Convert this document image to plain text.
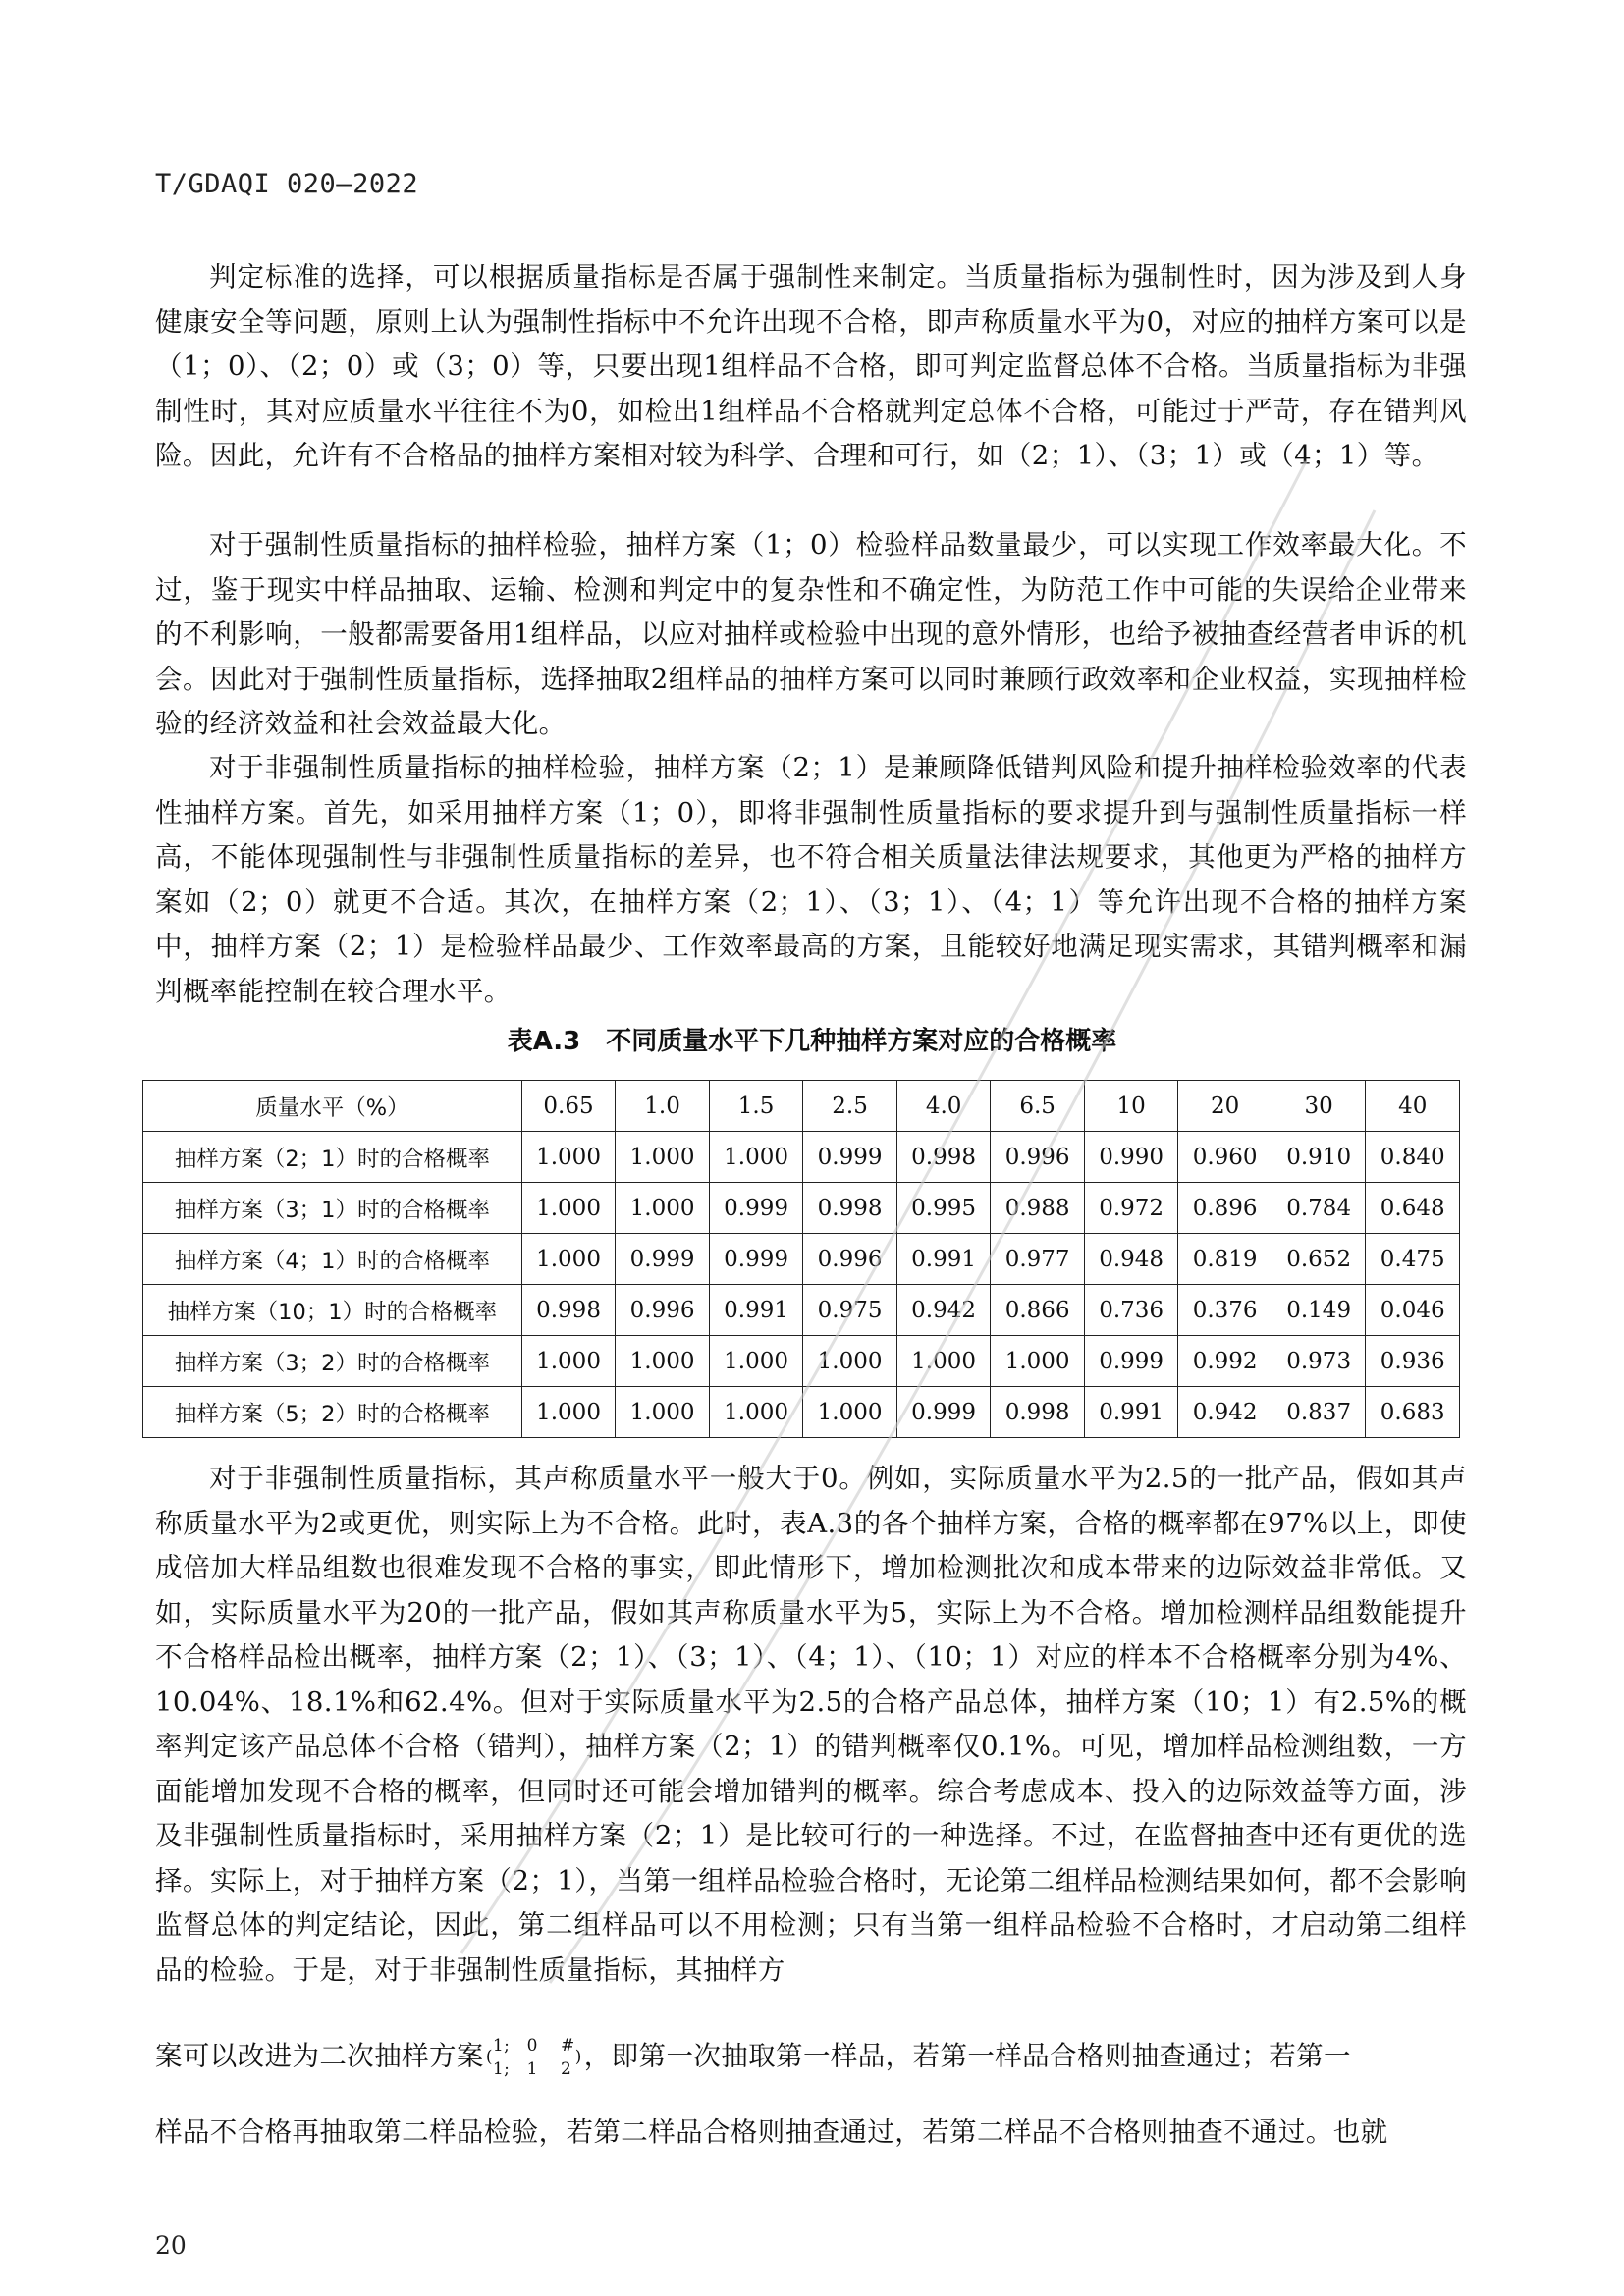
T/GDAQI 020—2022

判定标准的选择，可以根据质量指标是否属于强制性来制定。当质量指标为强制性时，因为涉及到人身健康安全等问题，原则上认为强制性指标中不允许出现不合格，即声称质量水平为0，对应的抽样方案可以是（1；0）、（2；0）或（3；0）等，只要出现1组样品不合格，即可判定监督总体不合格。当质量指标为非强制性时，其对应质量水平往往不为0，如检出1组样品不合格就判定总体不合格，可能过于严苛，存在错判风险。因此，允许有不合格品的抽样方案相对较为科学、合理和可行，如（2；1）、（3；1）或（4；1）等。

对于强制性质量指标的抽样检验，抽样方案（1；0）检验样品数量最少，可以实现工作效率最大化。不过，鉴于现实中样品抽取、运输、检测和判定中的复杂性和不确定性，为防范工作中可能的失误给企业带来的不利影响，一般都需要备用1组样品，以应对抽样或检验中出现的意外情形，也给予被抽查经营者申诉的机会。因此对于强制性质量指标，选择抽取2组样品的抽样方案可以同时兼顾行政效率和企业权益，实现抽样检验的经济效益和社会效益最大化。

对于非强制性质量指标的抽样检验，抽样方案（2；1）是兼顾降低错判风险和提升抽样检验效率的代表性抽样方案。首先，如采用抽样方案（1；0），即将非强制性质量指标的要求提升到与强制性质量指标一样高，不能体现强制性与非强制性质量指标的差异，也不符合相关质量法律法规要求，其他更为严格的抽样方案如（2；0）就更不合适。其次，在抽样方案（2；1）、（3；1）、（4；1）等允许出现不合格的抽样方案中，抽样方案（2；1）是检验样品最少、工作效率最高的方案，且能较好地满足现实需求，其错判概率和漏判概率能控制在较合理水平。

表A.3　不同质量水平下几种抽样方案对应的合格概率
质量水平（%）	0.65	1.0	1.5	2.5	4.0	6.5	10	20	30	40
抽样方案（2；1）时的合格概率	1.000	1.000	1.000	0.999	0.998	0.996	0.990	0.960	0.910	0.840
抽样方案（3；1）时的合格概率	1.000	1.000	0.999	0.998	0.995	0.988	0.972	0.896	0.784	0.648
抽样方案（4；1）时的合格概率	1.000	0.999	0.999	0.996	0.991	0.977	0.948	0.819	0.652	0.475
抽样方案（10；1）时的合格概率	0.998	0.996	0.991	0.975	0.942	0.866	0.736	0.376	0.149	0.046
抽样方案（3；2）时的合格概率	1.000	1.000	1.000	1.000	1.000	1.000	0.999	0.992	0.973	0.936
抽样方案（5；2）时的合格概率	1.000	1.000	1.000	1.000	0.999	0.998	0.991	0.942	0.837	0.683

对于非强制性质量指标，其声称质量水平一般大于0。例如，实际质量水平为2.5的一批产品，假如其声称质量水平为2或更优，则实际上为不合格。此时，表A.3的各个抽样方案，合格的概率都在97%以上，即使成倍加大样品组数也很难发现不合格的事实，即此情形下，增加检测批次和成本带来的边际效益非常低。又如，实际质量水平为20的一批产品，假如其声称质量水平为5，实际上为不合格。增加检测样品组数能提升不合格样品检出概率，抽样方案（2；1）、（3；1）、（4；1）、（10；1）对应的样本不合格概率分别为4%、10.04%、18.1%和62.4%。但对于实际质量水平为2.5的合格产品总体，抽样方案（10；1）有2.5%的概率判定该产品总体不合格（错判），抽样方案（2；1）的错判概率仅0.1%。可见，增加样品检测组数，一方面能增加发现不合格的概率，但同时还可能会增加错判的概率。综合考虑成本、投入的边际效益等方面，涉及非强制性质量指标时，采用抽样方案（2；1）是比较可行的一种选择。不过，在监督抽查中还有更优的选择。实际上，对于抽样方案（2；1），当第一组样品检验合格时，无论第二组样品检测结果如何，都不会影响监督总体的判定结论，因此，第二组样品可以不用检测；只有当第一组样品检验不合格时，才启动第二组样品的检验。于是，对于非强制性质量指标，其抽样方

案可以改进为二次抽样方案 (
1;   0    #
1;   1    2
)，即第一次抽取第一样品，若第一样品合格则抽查通过；若第一

样品不合格再抽取第二样品检验，若第二样品合格则抽查通过，若第二样品不合格则抽查不通过。也就

20
